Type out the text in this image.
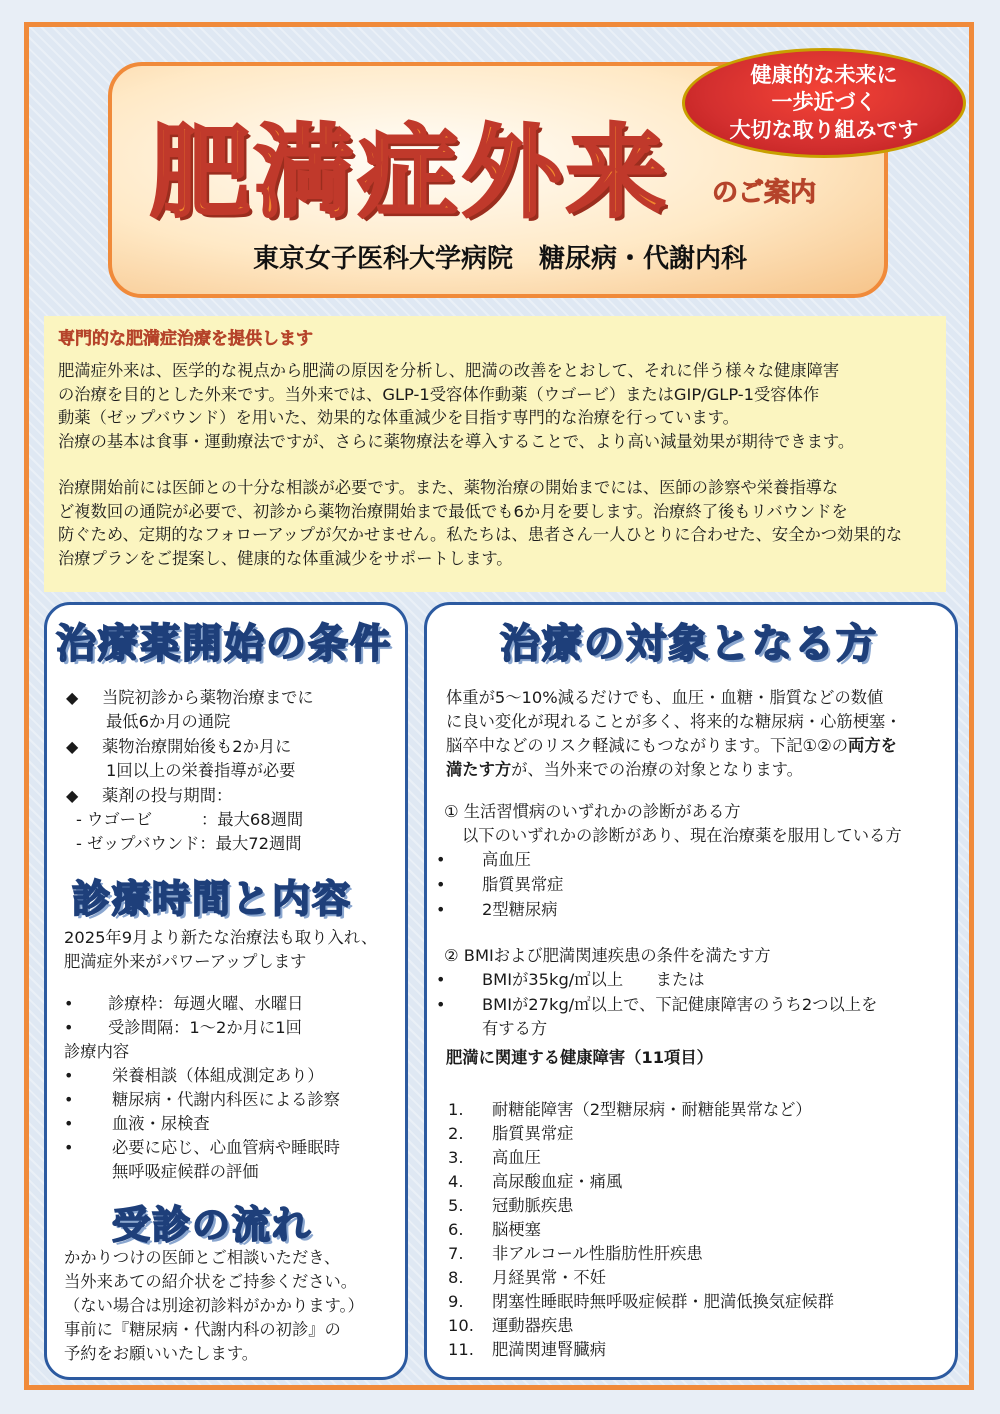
肥満症外来 のご案内
東京女子医科大学病院　糖尿病・代謝内科
健康的な未来に
一歩近づく
大切な取り組みです
専門的な肥満症治療を提供します

肥満症外来は、医学的な視点から肥満の原因を分析し、肥満の改善をとおして、それに伴う様々な健康障害

の治療を目的とした外来です。当外来では、GLP-1受容体作動薬（ウゴービ）またはGIP/GLP-1受容体作

動薬（ゼップバウンド）を用いた、効果的な体重減少を目指す専門的な治療を行っています。

治療の基本は食事・運動療法ですが、さらに薬物療法を導入することで、より高い減量効果が期待できます。

治療開始前には医師との十分な相談が必要です。また、薬物治療の開始までには、医師の診察や栄養指導な

ど複数回の通院が必要で、初診から薬物治療開始まで最低でも6か月を要します。治療終了後もリバウンドを

防ぐため、定期的なフォローアップが欠かせません。私たちは、患者さん一人ひとりに合わせた、安全かつ効果的な

治療プランをご提案し、健康的な体重減少をサポートします。

治療薬開始の条件
◆ 当院初診から薬物治療までに
最低6か月の通院
◆ 薬物治療開始後も2か月に
1回以上の栄養指導が必要
◆ 薬剤の投与期間：
- ウゴービ　　　：最大68週間
- ゼップバウンド：最大72週間
診療時間と内容
2025年9月より新たな治療法も取り入れ、
肥満症外来がパワーアップします
• 診療枠：毎週火曜、水曜日
• 受診間隔：1～2か月に1回
診療内容
• 栄養相談（体組成測定あり）
• 糖尿病・代謝内科医による診察
• 血液・尿検査
• 必要に応じ、心血管病や睡眠時
無呼吸症候群の評価
受診の流れ
かかりつけの医師とご相談いただき、
当外来あての紹介状をご持参ください。
（ない場合は別途初診料がかかります。）
事前に『糖尿病・代謝内科の初診』の
予約をお願いいたします。
治療の対象となる方
体重が5～10%減るだけでも、血圧・血糖・脂質などの数値
に良い変化が現れることが多く、将来的な糖尿病・心筋梗塞・
脳卒中などのリスク軽減にもつながります。下記①②の両方を
満たす方が、当外来での治療の対象となります。
① 生活習慣病のいずれかの診断がある方
以下のいずれかの診断があり、現在治療薬を服用している方
• 高血圧
• 脂質異常症
• 2型糖尿病
② BMIおよび肥満関連疾患の条件を満たす方
• BMIが35kg/㎡以上　　または
• BMIが27kg/㎡以上で、下記健康障害のうち2つ以上を
有する方
肥満に関連する健康障害（11項目）
1. 耐糖能障害（2型糖尿病・耐糖能異常など）
2. 脂質異常症
3. 高血圧
4. 高尿酸血症・痛風
5. 冠動脈疾患
6. 脳梗塞
7. 非アルコール性脂肪性肝疾患
8. 月経異常・不妊
9. 閉塞性睡眠時無呼吸症候群・肥満低換気症候群
10. 運動器疾患
11. 肥満関連腎臓病
